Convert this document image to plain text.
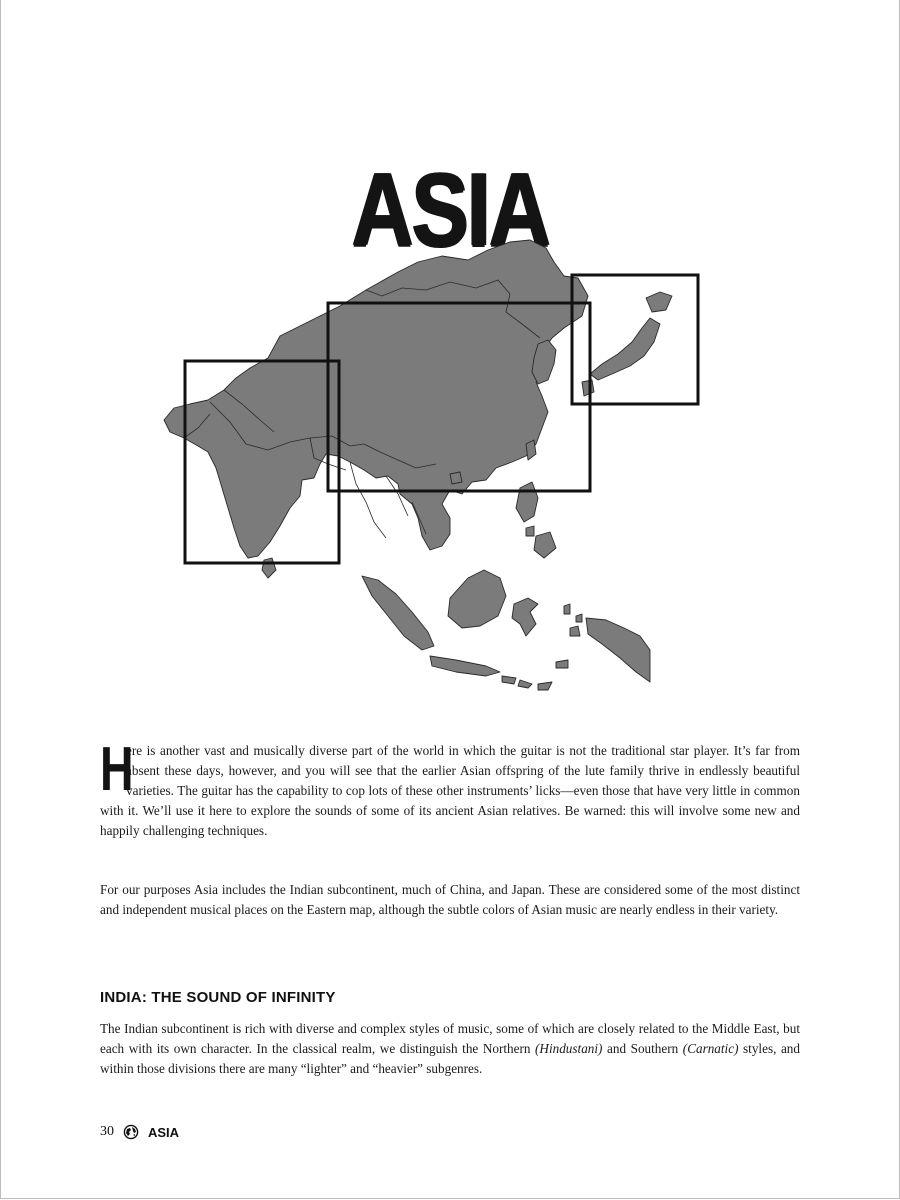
ASIA
H
ere is another vast and musically diverse part of the world in which the guitar is not the traditional star player. It’s far from absent these days, however, and you will see that the earlier Asian offspring of the lute family thrive in endlessly beautiful varieties. The guitar has the capability to cop lots of these other instruments’ licks—even those that have very little in common with it. We’ll use it here to explore the sounds of some of its ancient Asian relatives. Be warned: this will involve some new and happily challenging techniques.
For our purposes Asia includes the Indian subcontinent, much of China, and Japan. These are considered some of the most distinct and independent musical places on the Eastern map, although the subtle colors of Asian music are nearly endless in their variety.
INDIA: THE SOUND OF INFINITY
The Indian subcontinent is rich with diverse and complex styles of music, some of which are closely related to the Middle East, but each with its own character. In the classical realm, we distinguish the Northern (Hindustani) and Southern (Carnatic) styles, and within those divisions there are many “lighter” and “heavier” subgenres.
30	ASIA
